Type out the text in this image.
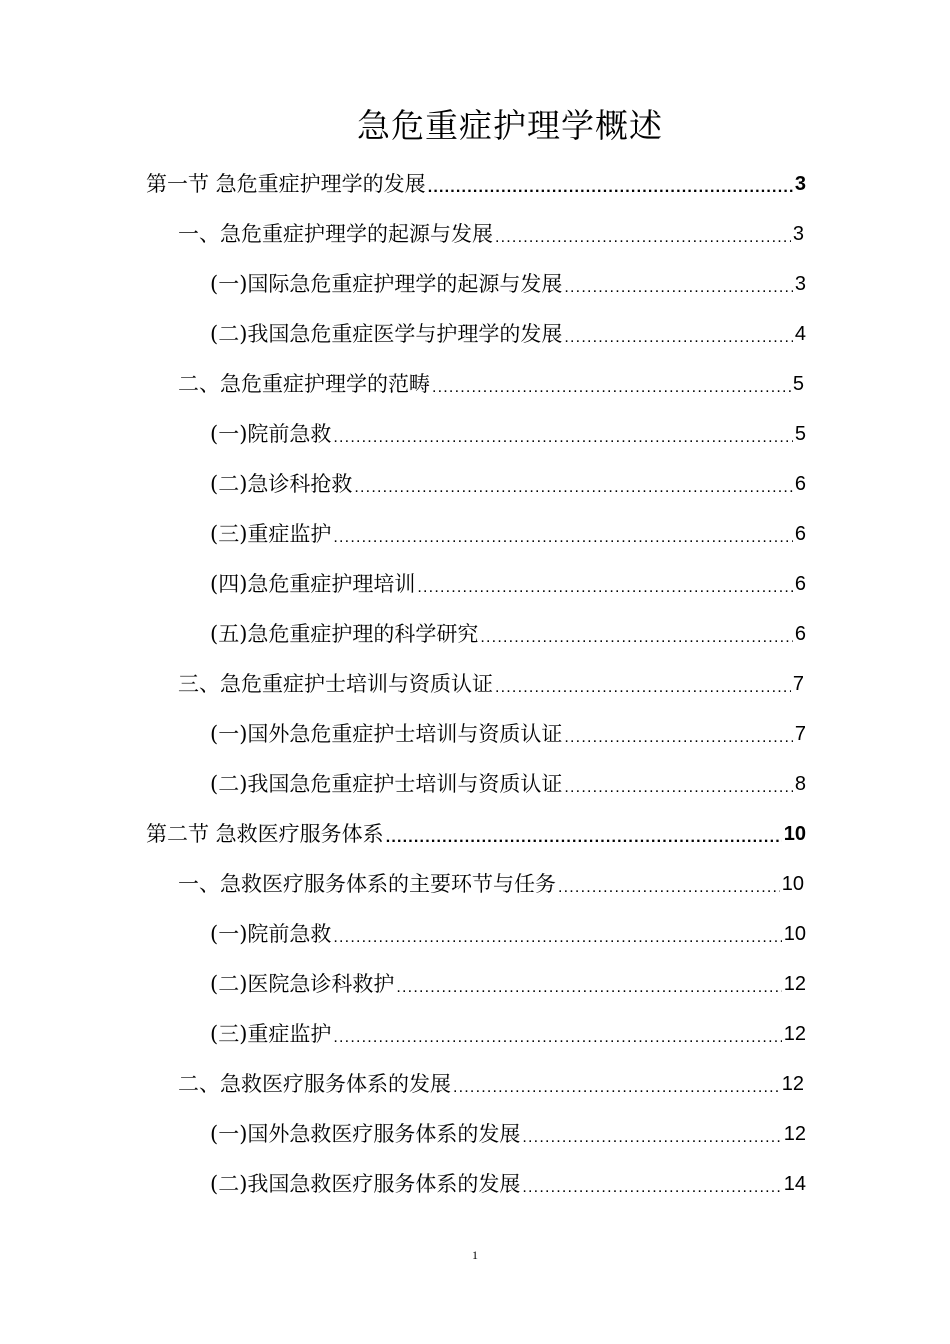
急危重症护理学概述
第一节 急危重症护理学的发展 .....	3
一、急危重症护理学的起源与发展 .....	3
(一)国际急危重症护理学的起源与发展 .....	3
(二)我国急危重症医学与护理学的发展 .....	4
二、急危重症护理学的范畴 .....	5
(一)院前急救 .....	5
(二)急诊科抢救 .....	6
(三)重症监护 .....	6
(四)急危重症护理培训 .....	6
(五)急危重症护理的科学研究 .....	6
三、急危重症护士培训与资质认证 .....	7
(一)国外急危重症护士培训与资质认证 .....	7
(二)我国急危重症护士培训与资质认证 .....	8
第二节 急救医疗服务体系 .....	10
一、急救医疗服务体系的主要环节与任务 .....	10
(一)院前急救 .....	10
(二)医院急诊科救护 .....	12
(三)重症监护 .....	12
二、急救医疗服务体系的发展 .....	12
(一)国外急救医疗服务体系的发展 .....	12
(二)我国急救医疗服务体系的发展 .....	14
1
